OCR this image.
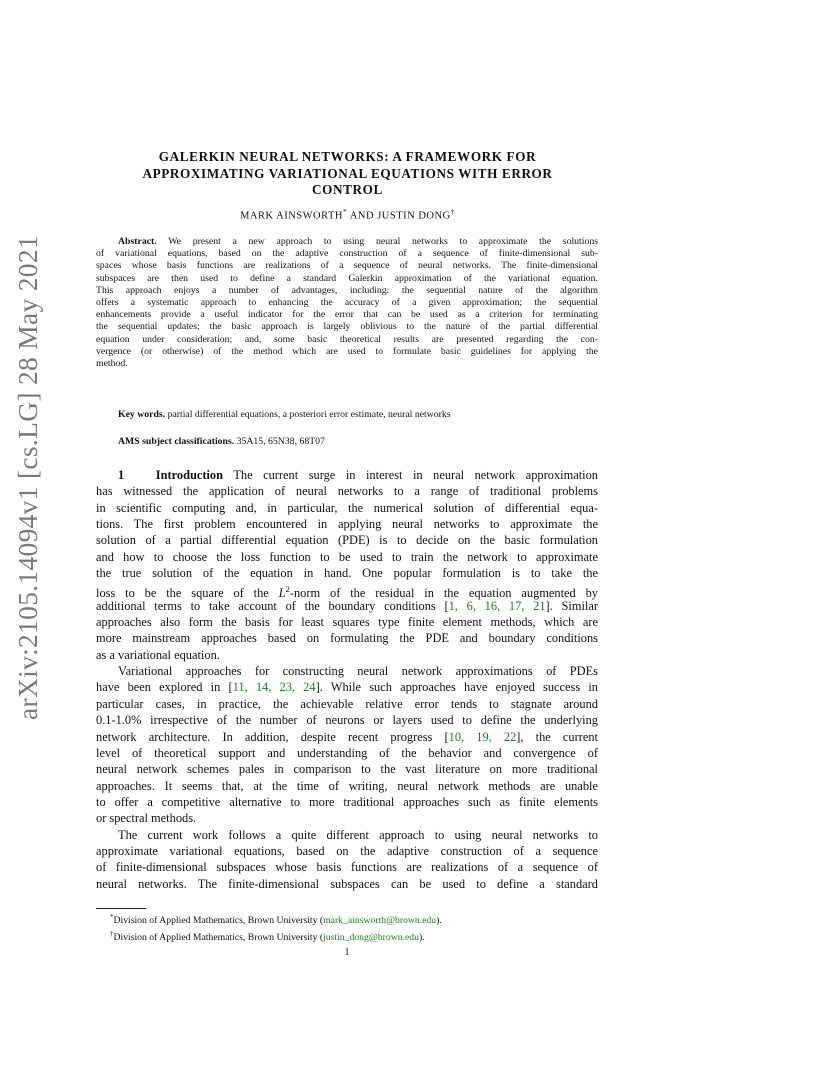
arXiv:2105.14094v1 [cs.LG] 28 May 2021
GALERKIN NEURAL NETWORKS: A FRAMEWORK FOR
APPROXIMATING VARIATIONAL EQUATIONS WITH ERROR
CONTROL
MARK AINSWORTH* AND JUSTIN DONG†
Abstract. We present a new approach to using neural networks to approximate the solutions
of variational equations, based on the adaptive construction of a sequence of finite-dimensional sub-
spaces whose basis functions are realizations of a sequence of neural networks. The finite-dimensional
subspaces are then used to define a standard Galerkin approximation of the variational equation.
This approach enjoys a number of advantages, including: the sequential nature of the algorithm
offers a systematic approach to enhancing the accuracy of a given approximation; the sequential
enhancements provide a useful indicator for the error that can be used as a criterion for terminating
the sequential updates; the basic approach is largely oblivious to the nature of the partial differential
equation under consideration; and, some basic theoretical results are presented regarding the con-
vergence (or otherwise) of the method which are used to formulate basic guidelines for applying the
method.
Key words. partial differential equations, a posteriori error estimate, neural networks
AMS subject classifications. 35A15, 65N38, 68T07
1	Introduction The current surge in interest in neural network approximation
has witnessed the application of neural networks to a range of traditional problems
in scientific computing and, in particular, the numerical solution of differential equa-
tions. The first problem encountered in applying neural networks to approximate the
solution of a partial differential equation (PDE) is to decide on the basic formulation
and how to choose the loss function to be used to train the network to approximate
the true solution of the equation in hand. One popular formulation is to take the
loss to be the square of the $L^2$-norm of the residual in the equation augmented by
additional terms to take account of the boundary conditions [1, 6, 16, 17, 21]. Similar
approaches also form the basis for least squares type finite element methods, which are
more mainstream approaches based on formulating the PDE and boundary conditions
as a variational equation.
Variational approaches for constructing neural network approximations of PDEs
have been explored in [11, 14, 23, 24]. While such approaches have enjoyed success in
particular cases, in practice, the achievable relative error tends to stagnate around
0.1-1.0% irrespective of the number of neurons or layers used to define the underlying
network architecture. In addition, despite recent progress [10, 19, 22], the current
level of theoretical support and understanding of the behavior and convergence of
neural network schemes pales in comparison to the vast literature on more traditional
approaches. It seems that, at the time of writing, neural network methods are unable
to offer a competitive alternative to more traditional approaches such as finite elements
or spectral methods.
The current work follows a quite different approach to using neural networks to
approximate variational equations, based on the adaptive construction of a sequence
of finite-dimensional subspaces whose basis functions are realizations of a sequence of
neural networks. The finite-dimensional subspaces can be used to define a standard
*Division of Applied Mathematics, Brown University (mark_ainsworth@brown.edu).
†Division of Applied Mathematics, Brown University (justin_dong@brown.edu).
1
